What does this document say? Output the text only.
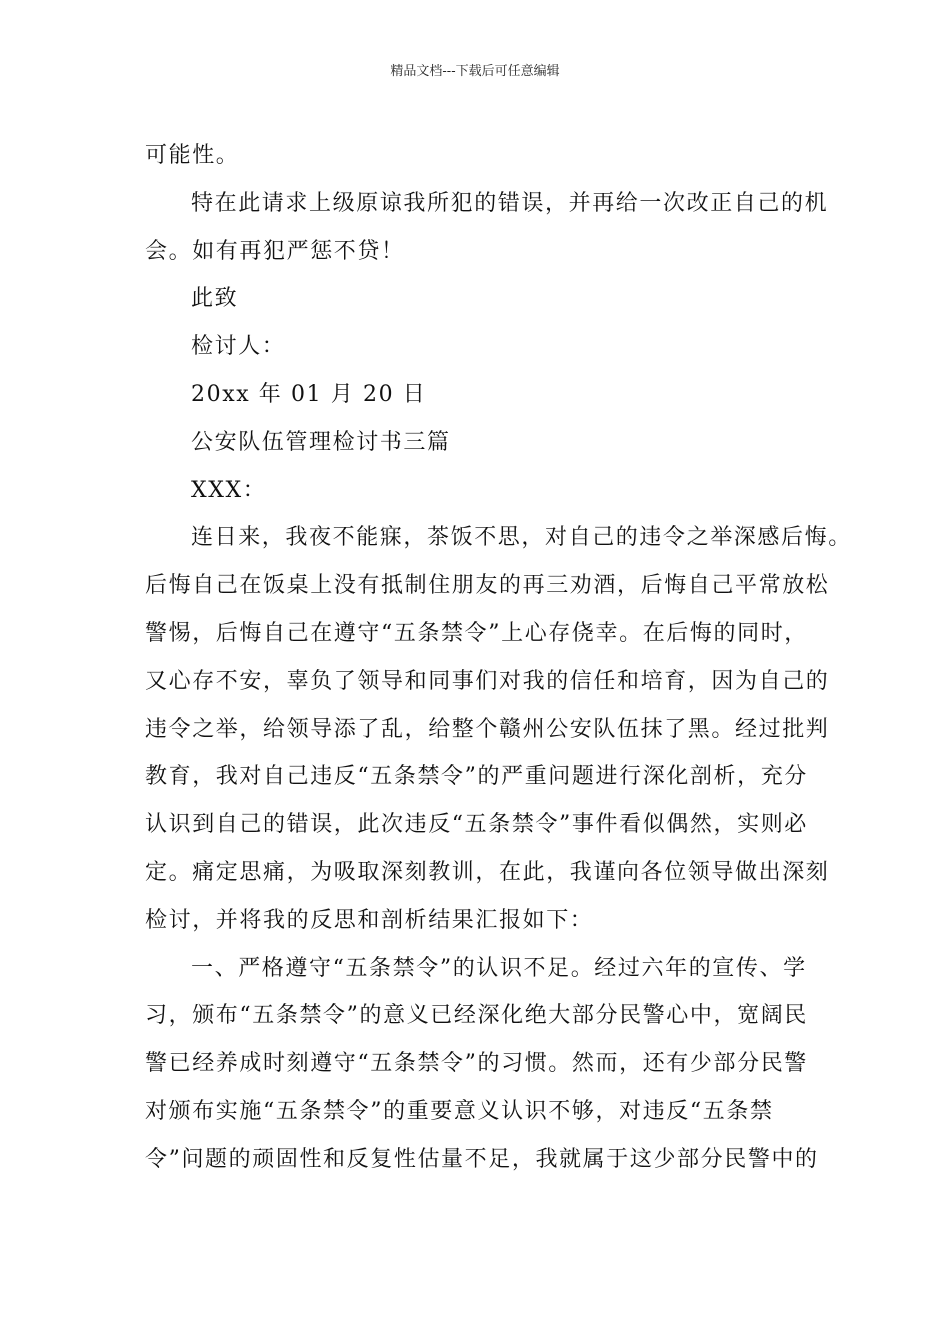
精品文档---下载后可任意编辑
可能性。
特在此请求上级原谅我所犯的错误，并再给一次改正自己的机
会。如有再犯严惩不贷！
此致
检讨人：
20xx 年 01 月 20 日
公安队伍管理检讨书三篇
XXX：
连日来，我夜不能寐，茶饭不思，对自己的违令之举深感后悔。
后悔自己在饭桌上没有抵制住朋友的再三劝酒，后悔自己平常放松
警惕，后悔自己在遵守“五条禁令”上心存侥幸。在后悔的同时，
又心存不安，辜负了领导和同事们对我的信任和培育，因为自己的
违令之举，给领导添了乱，给整个赣州公安队伍抹了黑。经过批判
教育，我对自己违反“五条禁令”的严重问题进行深化剖析，充分
认识到自己的错误，此次违反“五条禁令”事件看似偶然，实则必
定。痛定思痛，为吸取深刻教训，在此，我谨向各位领导做出深刻
检讨，并将我的反思和剖析结果汇报如下：
一、严格遵守“五条禁令”的认识不足。经过六年的宣传、学
习，颁布“五条禁令”的意义已经深化绝大部分民警心中，宽阔民
警已经养成时刻遵守“五条禁令”的习惯。然而，还有少部分民警
对颁布实施“五条禁令”的重要意义认识不够，对违反“五条禁
令”问题的顽固性和反复性估量不足，我就属于这少部分民警中的
